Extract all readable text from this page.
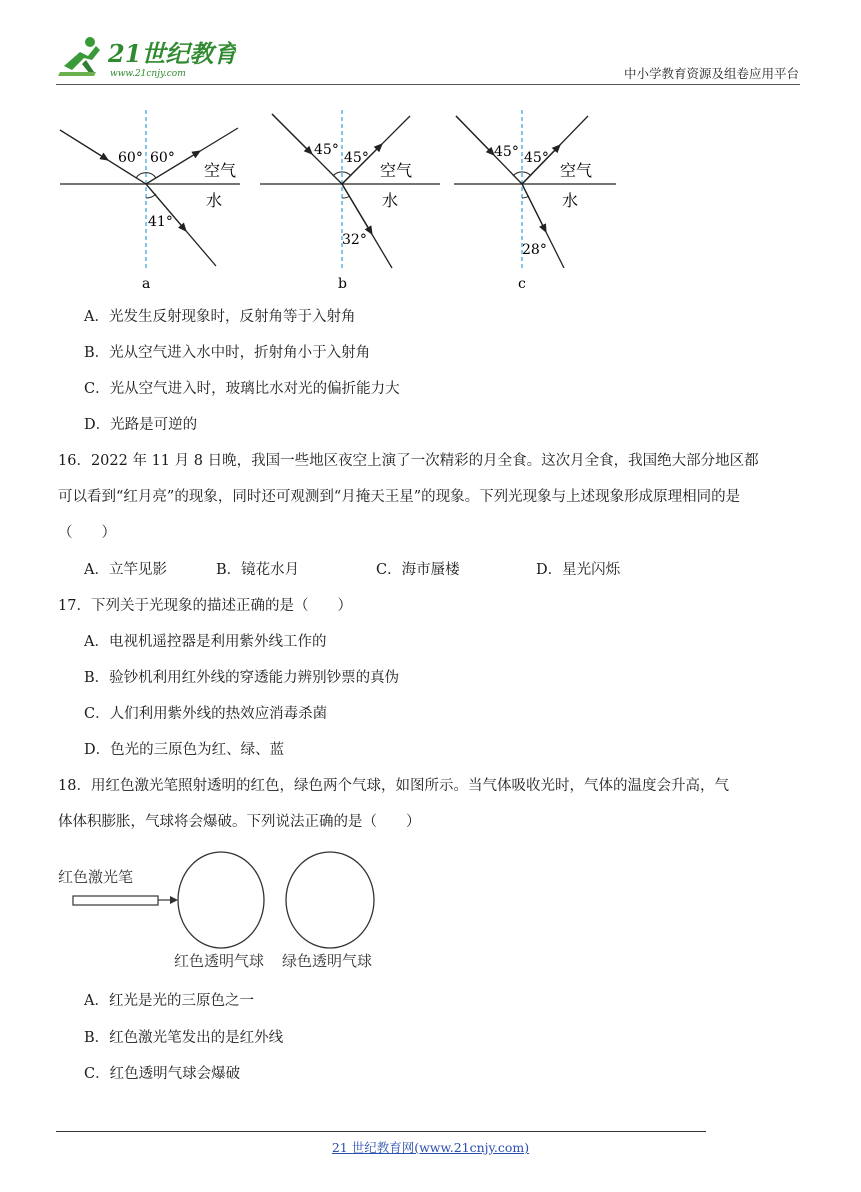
21世纪教育
www.21cnjy.com	中小学教育资源及组卷应用平台
60° 60°
41°
空气
水
a
45° 45°
32°
空气
水
b
45° 45°
28°
空气
水
c
A．光发生反射现象时，反射角等于入射角
B．光从空气进入水中时，折射角小于入射角
C．光从空气进入时，玻璃比水对光的偏折能力大
D．光路是可逆的
16．2022 年 11 月 8 日晚，我国一些地区夜空上演了一次精彩的月全食。这次月全食，我国绝大部分地区都
可以看到“红月亮”的现象，同时还可观测到“月掩天王星”的现象。下列光现象与上述现象形成原理相同的是
（　　）
A．立竿见影	B．镜花水月	C．海市蜃楼	D．星光闪烁
17．下列关于光现象的描述正确的是（　　）
A．电视机遥控器是利用紫外线工作的
B．验钞机利用红外线的穿透能力辨别钞票的真伪
C．人们利用紫外线的热效应消毒杀菌
D．色光的三原色为红、绿、蓝
18．用红色激光笔照射透明的红色，绿色两个气球，如图所示。当气体吸收光时，气体的温度会升高，气
体体积膨胀，气球将会爆破。下列说法正确的是（　　）
红色激光笔
红色透明气球 绿色透明气球
A．红光是光的三原色之一
B．红色激光笔发出的是红外线
C．红色透明气球会爆破
21 世纪教育网(www.21cnjy.com)
